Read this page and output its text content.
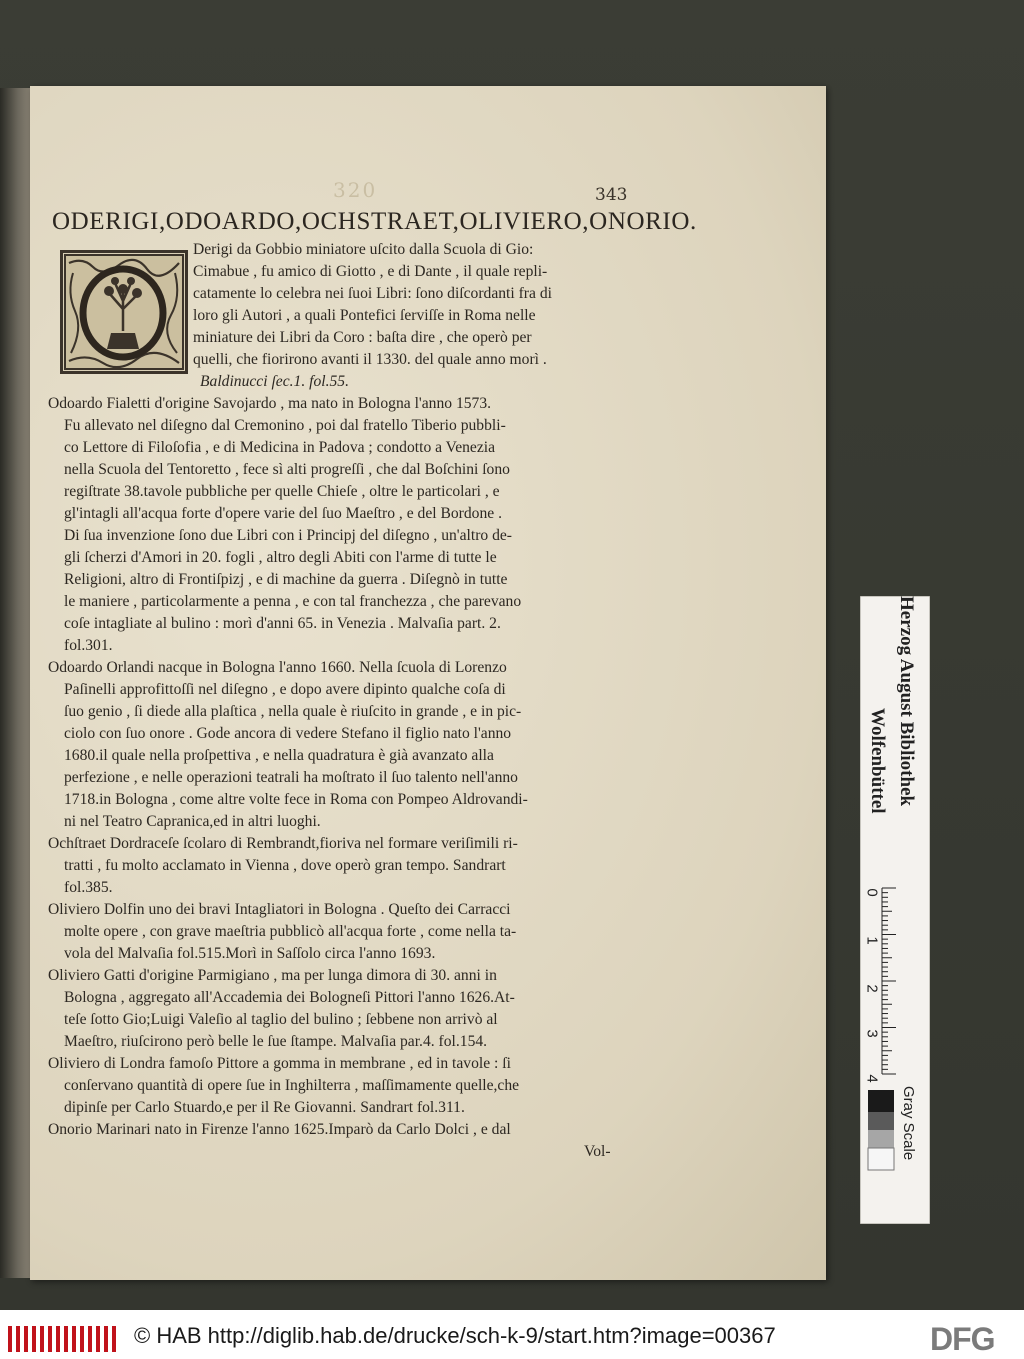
320	343
ODERIGI,ODOARDO,OCHSTRAET,OLIVIERO,ONORIO.
Derigi da Gobbio miniatore uſcito dalla Scuola di Gio:
Cimabue , fu amico di Giotto , e di Dante , il quale repli-
catamente lo celebra nei ſuoi Libri: ſono diſcordanti fra di
loro gli Autori , a quali Pontefici ſerviſſe in Roma nelle
miniature dei Libri da Coro : baſta dire , che operò per
quelli, che fiorirono avanti il 1330. del quale anno morì .
Baldinucci ſec.1. fol.55.
Odoardo Fialetti d'origine Savojardo , ma nato in Bologna l'anno 1573.
Fu allevato nel diſegno dal Cremonino , poi dal fratello Tiberio pubbli-
co Lettore di Filoſofia , e di Medicina in Padova ; condotto a Venezia
nella Scuola del Tentoretto , fece sì alti progreſſi , che dal Boſchini ſono
regiſtrate 38.tavole pubbliche per quelle Chieſe , oltre le particolari , e
gl'intagli all'acqua forte d'opere varie del ſuo Maeſtro , e del Bordone .
Di ſua invenzione ſono due Libri con i Principj del diſegno , un'altro de-
gli ſcherzi d'Amori in 20. fogli , altro degli Abiti con l'arme di tutte le
Religioni, altro di Frontiſpizj , e di machine da guerra . Diſegnò in tutte
le maniere , particolarmente a penna , e con tal franchezza , che parevano
coſe intagliate al bulino : morì d'anni 65. in Venezia . Malvaſia part. 2.
fol.301.
Odoardo Orlandi nacque in Bologna l'anno 1660. Nella ſcuola di Lorenzo
Paſinelli approfittoſſi nel diſegno , e dopo avere dipinto qualche coſa di
ſuo genio , ſi diede alla plaſtica , nella quale è riuſcito in grande , e in pic-
ciolo con ſuo onore . Gode ancora di vedere Stefano il figlio nato l'anno
1680.il quale nella proſpettiva , e nella quadratura è già avanzato alla
perfezione , e nelle operazioni teatrali ha moſtrato il ſuo talento nell'anno
1718.in Bologna , come altre volte fece in Roma con Pompeo Aldrovandi-
ni nel Teatro Capranica,ed in altri luoghi.
Ochſtraet Dordraceſe ſcolaro di Rembrandt,fioriva nel formare veriſimili ri-
tratti , fu molto acclamato in Vienna , dove operò gran tempo. Sandrart
fol.385.
Oliviero Dolfin uno dei bravi Intagliatori in Bologna . Queſto dei Carracci
molte opere , con grave maeſtria pubblicò all'acqua forte , come nella ta-
vola del Malvaſia fol.515.Morì in Saſſolo circa l'anno 1693.
Oliviero Gatti d'origine Parmigiano , ma per lunga dimora di 30. anni in
Bologna , aggregato all'Accademia dei Bologneſi Pittori l'anno 1626.At-
teſe ſotto Gio;Luigi Valeſio al taglio del bulino ; ſebbene non arrivò al
Maeſtro, riuſcirono però belle le ſue ſtampe. Malvaſia par.4. fol.154.
Oliviero di Londra famoſo Pittore a gomma in membrane , ed in tavole : ſi
conſervano quantità di opere ſue in Inghilterra , maſſimamente quelle,che
dipinſe per Carlo Stuardo,e per il Re Giovanni. Sandrart fol.311.
Onorio Marinari nato in Firenze l'anno 1625.Imparò da Carlo Dolci , e dal
Vol-
Herzog August Bibliothek
Wolfenbüttel
0
1
2
3
4
Gray Scale
© HAB http://diglib.hab.de/drucke/sch-k-9/start.htm?image=00367	DFG
